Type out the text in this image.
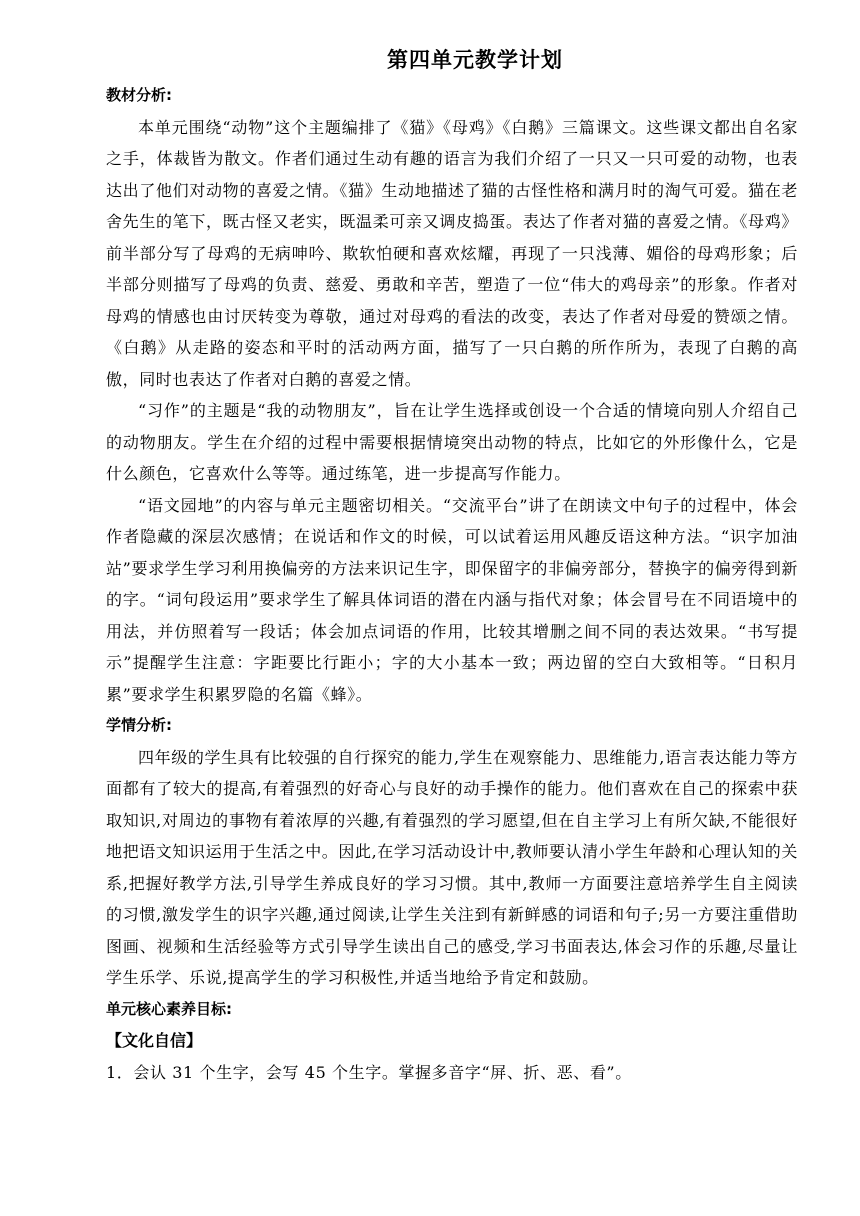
第四单元教学计划
教材分析:

本单元围绕“动物”这个主题编排了《猫》《母鸡》《白鹅》三篇课文。这些课文都出自名家之手，体裁皆为散文。作者们通过生动有趣的语言为我们介绍了一只又一只可爱的动物，也表达出了他们对动物的喜爱之情。《猫》生动地描述了猫的古怪性格和满月时的淘气可爱。猫在老舍先生的笔下，既古怪又老实，既温柔可亲又调皮捣蛋。表达了作者对猫的喜爱之情。《母鸡》前半部分写了母鸡的无病呻吟、欺软怕硬和喜欢炫耀，再现了一只浅薄、媚俗的母鸡形象；后半部分则描写了母鸡的负责、慈爱、勇敢和辛苦，塑造了一位“伟大的鸡母亲”的形象。作者对母鸡的情感也由讨厌转变为尊敬，通过对母鸡的看法的改变，表达了作者对母爱的赞颂之情。《白鹅》从走路的姿态和平时的活动两方面，描写了一只白鹅的所作所为，表现了白鹅的高傲，同时也表达了作者对白鹅的喜爱之情。

“习作”的主题是“我的动物朋友”，旨在让学生选择或创设一个合适的情境向别人介绍自己的动物朋友。学生在介绍的过程中需要根据情境突出动物的特点，比如它的外形像什么，它是什么颜色，它喜欢什么等等。通过练笔，进一步提高写作能力。

“语文园地”的内容与单元主题密切相关。“交流平台”讲了在朗读文中句子的过程中，体会作者隐藏的深层次感情；在说话和作文的时候，可以试着运用风趣反语这种方法。“识字加油站”要求学生学习利用换偏旁的方法来识记生字，即保留字的非偏旁部分，替换字的偏旁得到新的字。“词句段运用”要求学生了解具体词语的潜在内涵与指代对象；体会冒号在不同语境中的用法，并仿照着写一段话；体会加点词语的作用，比较其增删之间不同的表达效果。“书写提示”提醒学生注意：字距要比行距小；字的大小基本一致；两边留的空白大致相等。“日积月累”要求学生积累罗隐的名篇《蜂》。

学情分析:

四年级的学生具有比较强的自行探究的能力,学生在观察能力、思维能力,语言表达能力等方面都有了较大的提高,有着强烈的好奇心与良好的动手操作的能力。他们喜欢在自己的探索中获取知识,对周边的事物有着浓厚的兴趣,有着强烈的学习愿望,但在自主学习上有所欠缺,不能很好地把语文知识运用于生活之中。因此,在学习活动设计中,教师要认清小学生年龄和心理认知的关系,把握好教学方法,引导学生养成良好的学习习惯。其中,教师一方面要注意培养学生自主阅读的习惯,激发学生的识字兴趣,通过阅读,让学生关注到有新鲜感的词语和句子;另一方要注重借助图画、视频和生活经验等方式引导学生读出自己的感受,学习书面表达,体会习作的乐趣,尽量让学生乐学、乐说,提高学生的学习积极性,并适当地给予肯定和鼓励。

单元核心素养目标:
【文化自信】

1．会认 31 个生字，会写 45 个生字。掌握多音字“屏、折、恶、看”。
